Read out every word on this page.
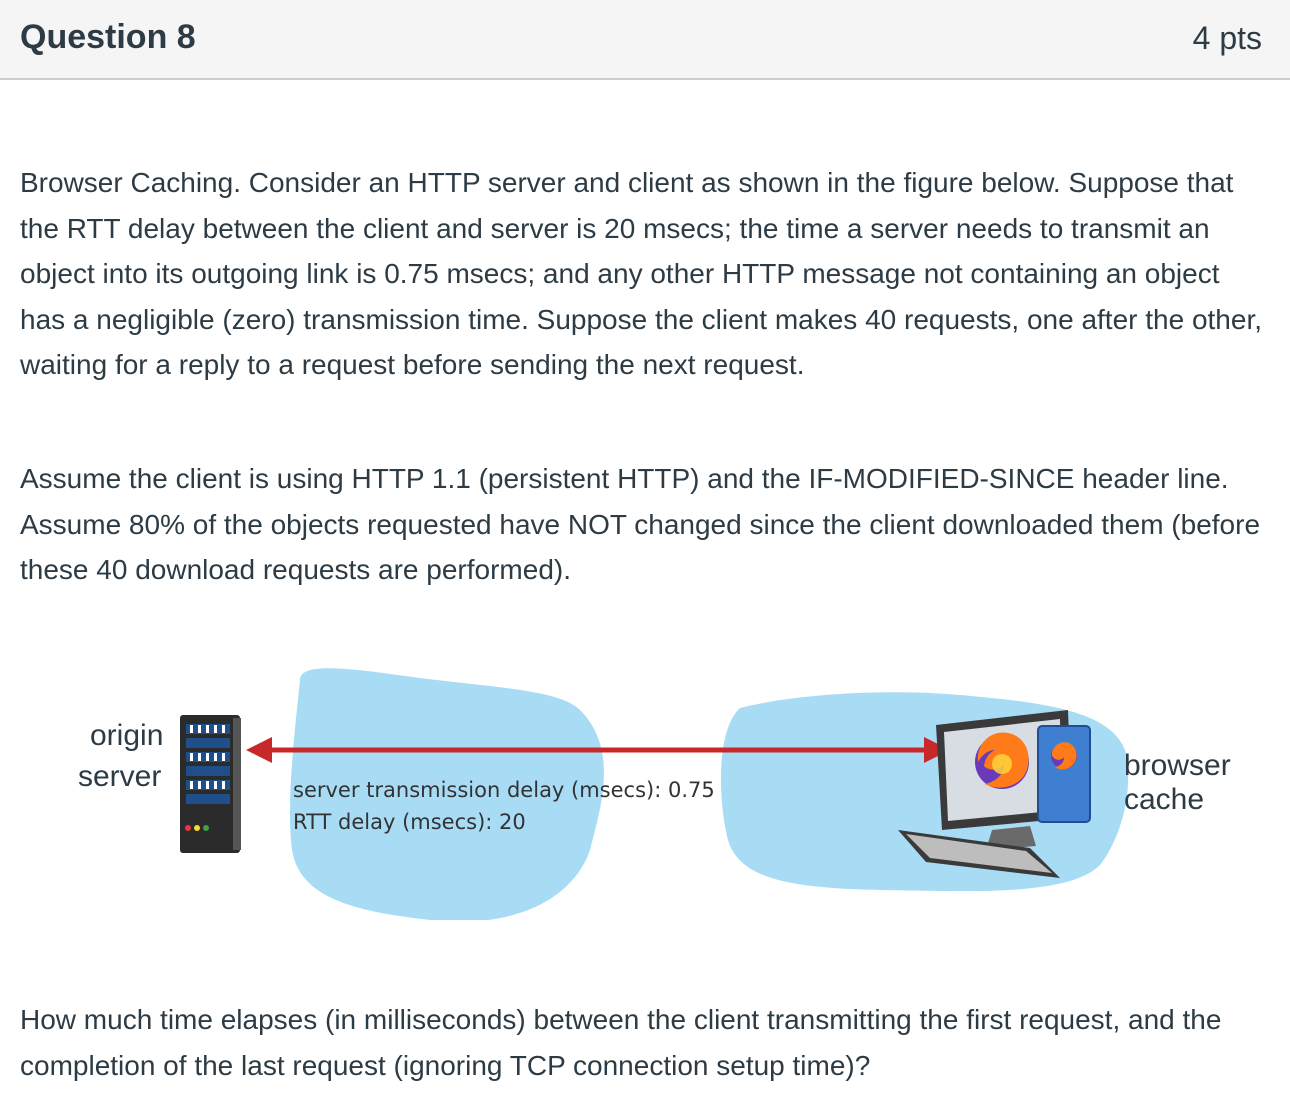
Question 8	4 pts
Browser Caching. Consider an HTTP server and client as shown in the figure below. Suppose that the RTT delay between the client and server is 20 msecs; the time a server needs to transmit an object into its outgoing link is 0.75 msecs; and any other HTTP message not containing an object has a negligible (zero) transmission time. Suppose the client makes 40 requests, one after the other, waiting for a reply to a request before sending the next request.
Assume the client is using HTTP 1.1 (persistent HTTP) and the IF-MODIFIED-SINCE header line. Assume 80% of the objects requested have NOT changed since the client downloaded them (before these 40 download requests are performed).
origin
server	browser
cache
server transmission delay (msecs): 0.75
RTT delay (msecs): 20
How much time elapses (in milliseconds) between the client transmitting the first request, and the completion of the last request (ignoring TCP connection setup time)?
